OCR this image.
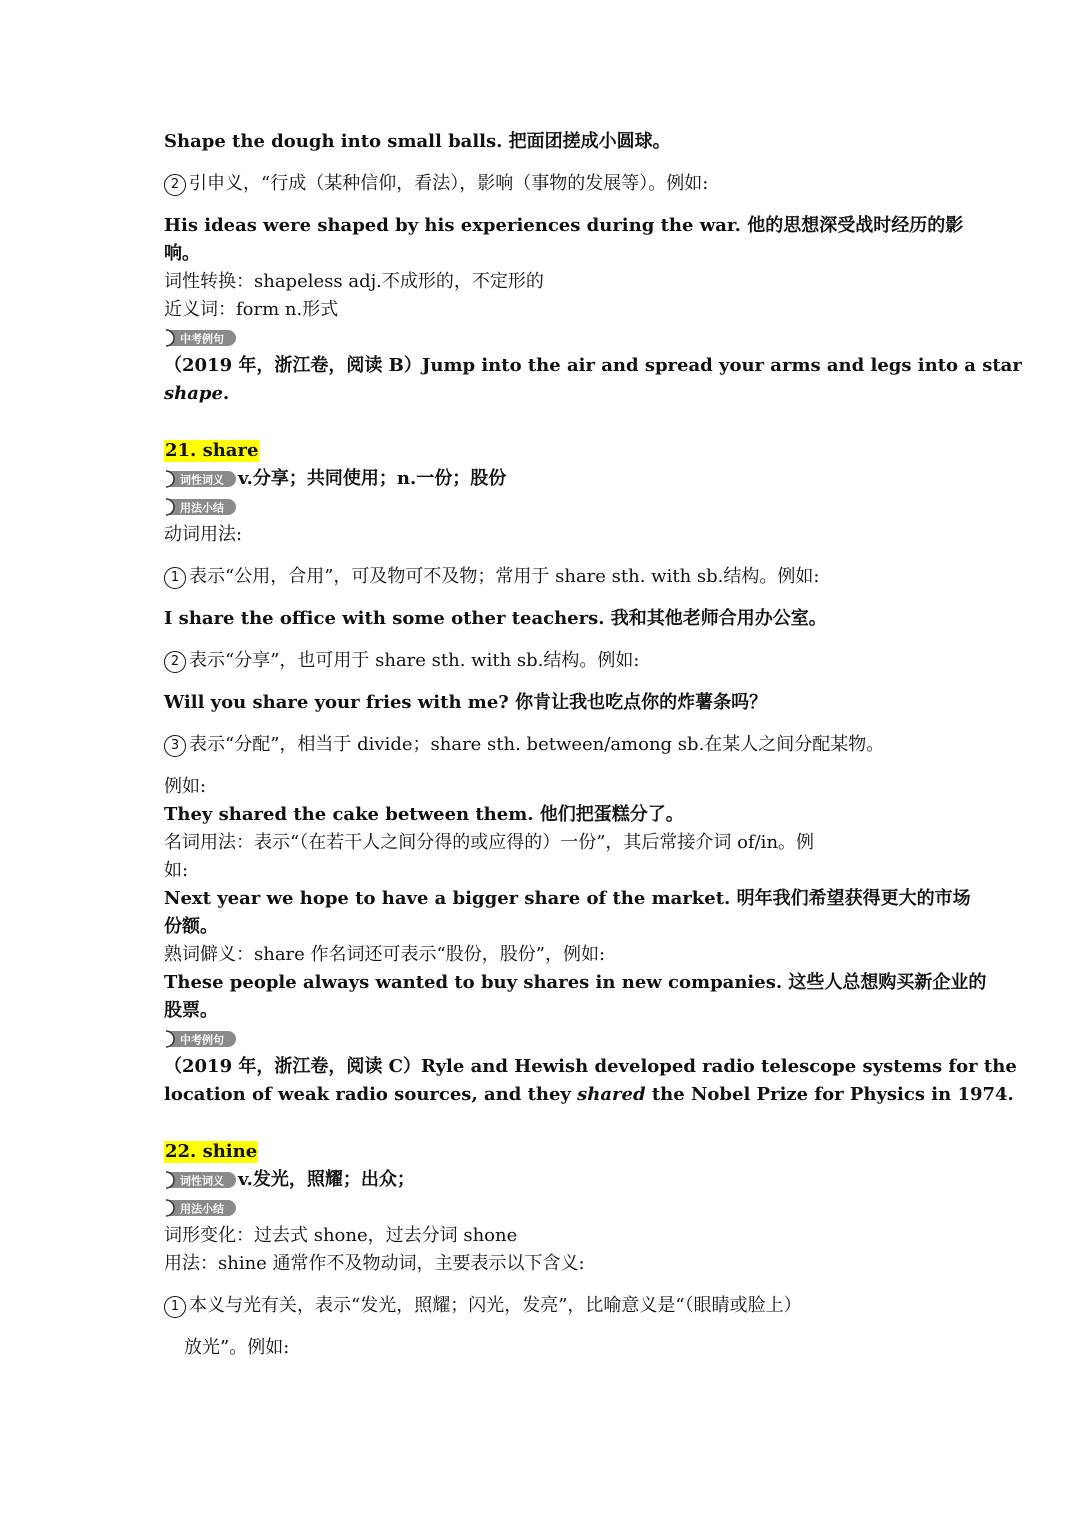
Shape the dough into small balls. 把面团搓成小圆球。
2 引申义，“行成（某种信仰，看法），影响（事物的发展等）。例如:
His ideas were shaped by his experiences during the war. 他的思想深受战时经历的影
响。
词性转换：shapeless adj.不成形的，不定形的
近义词：form n.形式
中考例句
（2019 年，浙江卷，阅读 B）Jump into the air and spread your arms and legs into a star
shape.
21. share
词性词义 v.分享；共同使用；n.一份；股份
用法小结
动词用法:
1 表示“公用，合用”，可及物可不及物；常用于 share sth. with sb.结构。例如:
I share the office with some other teachers. 我和其他老师合用办公室。
2 表示“分享”，也可用于 share sth. with sb.结构。例如:
Will you share your fries with me? 你肯让我也吃点你的炸薯条吗？
3 表示“分配”，相当于 divide；share sth. between/among sb.在某人之间分配某物。
例如:
They shared the cake between them. 他们把蛋糕分了。
名词用法：表示“（在若干人之间分得的或应得的）一份”，其后常接介词 of/in。例
如:
Next year we hope to have a bigger share of the market. 明年我们希望获得更大的市场
份额。
熟词僻义：share 作名词还可表示“股份，股份”，例如:
These people always wanted to buy shares in new companies. 这些人总想购买新企业的
股票。
中考例句
（2019 年，浙江卷，阅读 C）Ryle and Hewish developed radio telescope systems for the
location of weak radio sources, and they shared the Nobel Prize for Physics in 1974.
22. shine
词性词义 v.发光，照耀；出众；
用法小结
词形变化：过去式 shone，过去分词 shone
用法：shine 通常作不及物动词，主要表示以下含义:
1 本义与光有关，表示“发光，照耀；闪光，发亮”，比喻意义是“（眼睛或脸上）
放光”。例如:
